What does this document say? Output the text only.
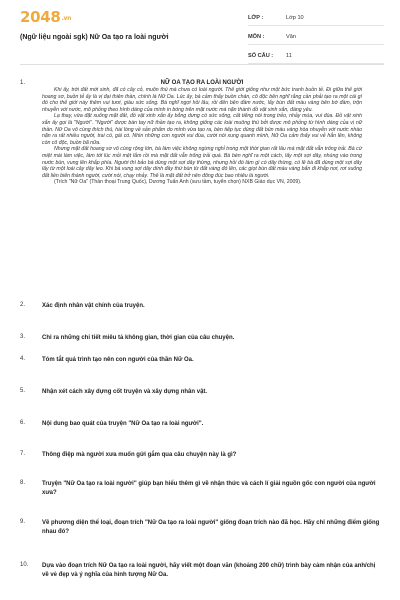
2048.vn
(Ngữ liệu ngoài sgk) Nữ Oa tạo ra loài người
LỚP :	Lớp 10
MÔN :	Văn
SỐ CÂU :	11
1.	NỮ OA TẠO RA LOÀI NGƯỜI

Khi ấy, trời đất mới sinh, đã có cây cỏ, muôn thú mà chưa có loài người. Thế giới giống như một bức tranh buồn tẻ. Đi giữa thế giới hoang sơ, buồn tẻ ấy là vị đại thiên thần, chính là Nữ Oa. Lúc ấy, bà cảm thấy buồn chán, cô độc bên nghĩ rằng cần phải tạo ra một cái gì đó cho thế giới này thêm vui tươi, giàu sức sống. Bà nghĩ ngợi hồi lâu, rồi đến bên đầm nước, lấy bùn đất màu vàng bên bờ đầm, trộn nhuyễn với nước, mô phỏng theo hình dáng của mình in bóng trên mặt nước mà nặn thành đồ vật xinh xắn, đáng yêu.

Lạ thay, vừa đặt xuống mặt đất, đồ vật xinh xắn ấy bỗng dưng có sức sống, cất tiếng nói trong trẻo, nhảy múa, vui đùa. Đồ vật xinh xắn ấy gọi là "Người". "Người" được bàn tay nữ thần tạo ra, không giống các loài muông thú bởi được mô phỏng từ hình dáng của vị nữ thần. Nữ Oa vô cùng thích thú, hài lòng về sản phẩm do mình vừa tạo ra, bèn tiếp tục dùng đất bùn màu vàng hòa nhuyễn với nước nhào nặn ra rất nhiều người, trai có, gái có. Nhìn những con người vui đùa, cười nói xung quanh mình, Nữ Oa cảm thấy vui vẻ hẳn lên, không còn cô độc, buồn bã nữa.

Nhưng mặt đất hoang sơ vô cùng rộng lớn, bà làm việc không ngừng nghỉ trong một thời gian rất lâu mà mặt đất vẫn trống trải. Bà cứ miệt mài làm việc, làm tới lúc mỏi mệt lắm rồi mà mặt đất vẫn trống trải quá. Bà bèn nghĩ ra một cách, lấy một sợi dây, nhúng vào trong nước bùn, vung lên khắp phía. Người thì bảo bà dùng một sợi dây thừng, nhưng hồi đó làm gì có dây thừng, có lẽ bà đã dùng một sợi dây lấy từ một loài cây dây leo. Khi bà vung sợi dây dính đầy thứ bùn từ đất vàng đó lên, các giọt bùn đất màu vàng bắn đi khắp nơi, rơi xuống đất liền biến thành người, cười nói, chạy nhảy. Thế là mặt đất trở nên đông đúc bao nhiêu là người.

(Trích "Nữ Oa" (Thần thoại Trung Quốc), Dương Tuấn Anh (sưu tầm, tuyển chọn) NXB Giáo dục VN, 2009).

2.	Xác định nhân vật chính của truyện.
3.	Chỉ ra những chi tiết miêu tả không gian, thời gian của câu chuyện.
4.	Tóm tắt quá trình tạo nên con người của thần Nữ Oa.
5.	Nhận xét cách xây dựng cốt truyện và xây dựng nhân vật.
6.	Nội dung bao quát của truyện "Nữ Oa tạo ra loài người".
7.	Thông điệp mà người xưa muốn gửi gắm qua câu chuyện này là gì?
8.	Truyện "Nữ Oa tạo ra loài người" giúp bạn hiểu thêm gì về nhận thức và cách lí giải nguồn gốc con người của người xưa?
9.	Về phương diện thể loại, đoạn trích "Nữ Oa tạo ra loài người" giống đoạn trích nào đã học. Hãy chỉ những điểm giống nhau đó?
10. Dựa vào đoạn trích Nữ Oa tạo ra loài người, hãy viết một đoạn văn (khoảng 200 chữ) trình bày cảm nhận của anh/chị về vẻ đẹp và ý nghĩa của hình tượng Nữ Oa.
